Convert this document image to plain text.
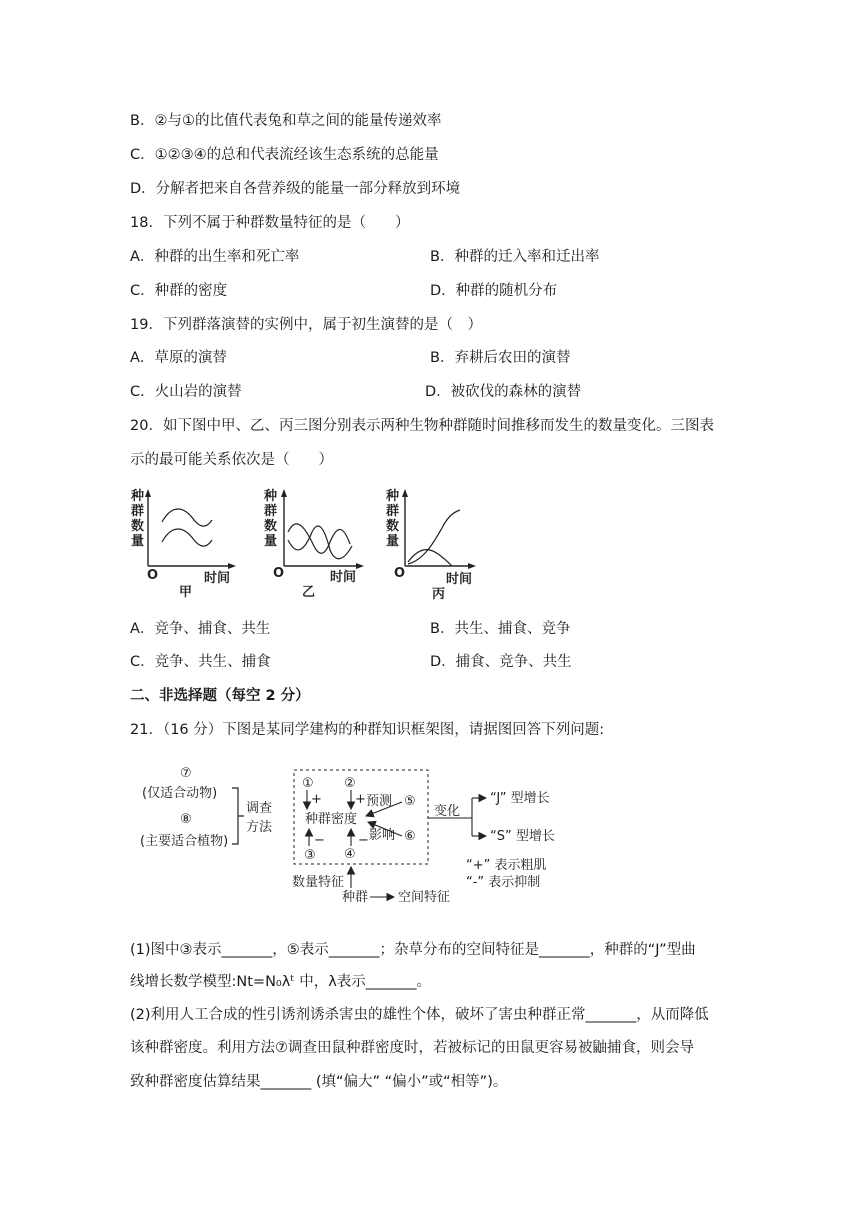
B．②与①的比值代表兔和草之间的能量传递效率
C．①②③④的总和代表流经该生态系统的总能量
D．分解者把来自各营养级的能量一部分释放到环境
18．下列不属于种群数量特征的是（　　）
A．种群的出生率和死亡率	B．种群的迁入率和迁出率
C．种群的密度	D．种群的随机分布
19．下列群落演替的实例中，属于初生演替的是（　）
A．草原的演替	B．弃耕后农田的演替
C．火山岩的演替	D．被砍伐的森林的演替
20．如下图中甲、乙、丙三图分别表示两种生物种群随时间推移而发生的数量变化。三图表
示的最可能关系依次是（　　）
种
群
数
量
O	时间
甲
种
群
数
量
O	时间
乙
种
群
数
量
O	时间
丙
A．竞争、捕食、共生	B．共生、捕食、竞争
C．竞争、共生、捕食	D．捕食、竞争、共生
二、非选择题（每空 2 分）
21．（16 分）下图是某同学建构的种群知识框架图，请据图回答下列问题:
⑦
(仅适合动物)
⑧
(主要适合植物)
调查
方法
① ②
+	+ 预测 ⑤
种群密度
影响 ⑥
−	−
③ ④
变化
“J” 型增长
“S” 型增长
“+” 表示粗肌
“-” 表示抑制
数量特征
种群 空间特征
(1)图中③表示_______，⑤表示_______；杂草分布的空间特征是_______，种群的“J”型曲
线增长数学模型:Nt=N₀λᵗ 中，λ表示_______。
(2)利用人工合成的性引诱剂诱杀害虫的雄性个体，破坏了害虫种群正常_______，从而降低
该种群密度。利用方法⑦调查田鼠种群密度时，若被标记的田鼠更容易被鼬捕食，则会导
致种群密度估算结果_______ (填“偏大” “偏小”或“相等”)。
